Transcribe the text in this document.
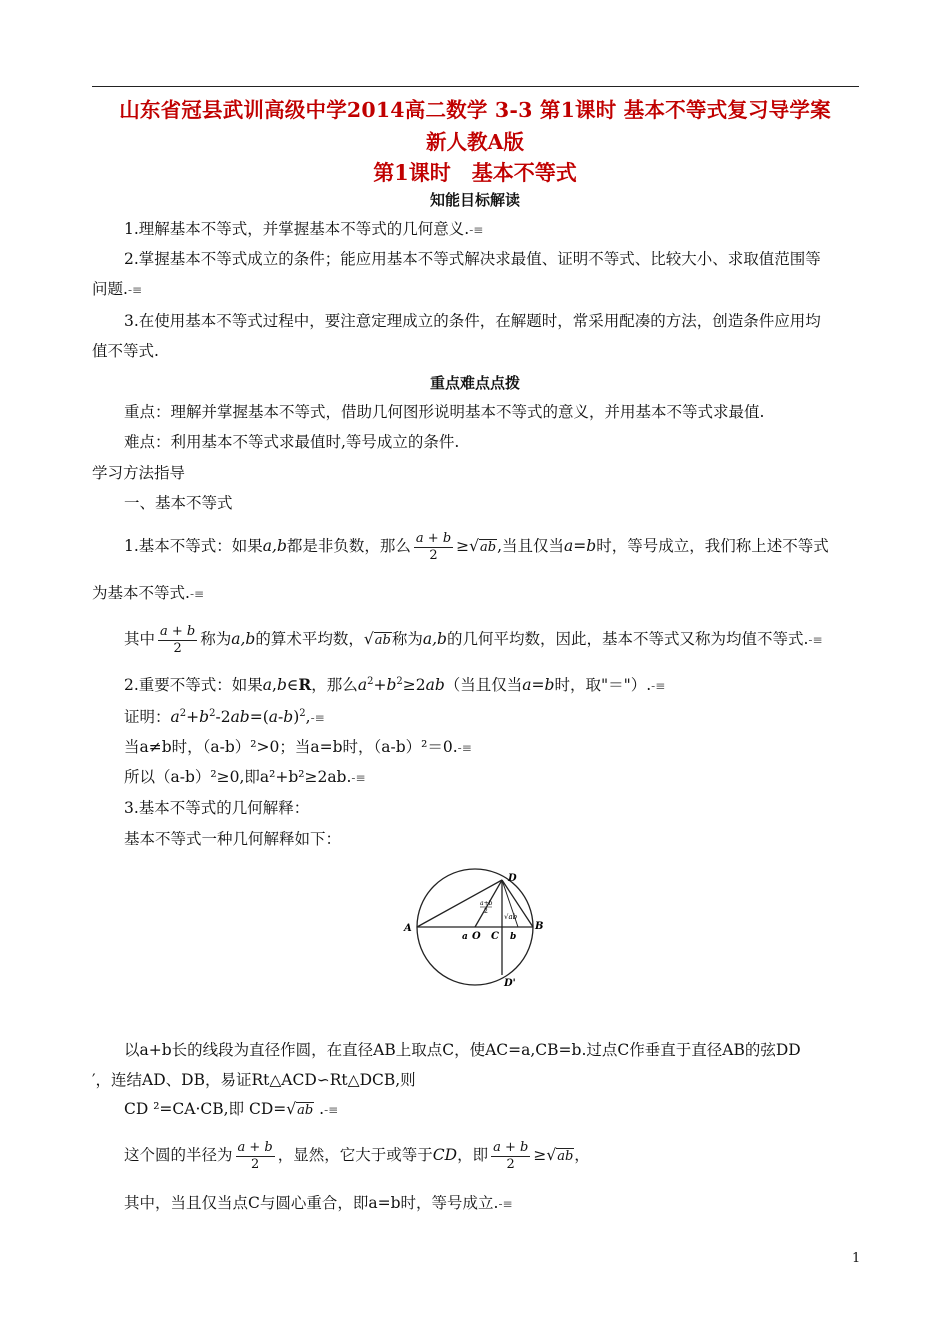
山东省冠县武训高级中学2014高二数学 3-3 第1课时 基本不等式复习导学案
新人教A版
第1课时　基本不等式
知能目标解读
1.理解基本不等式，并掌握基本不等式的几何意义.-≡
2.掌握基本不等式成立的条件；能应用基本不等式解决求最值、证明不等式、比较大小、求取值范围等
问题.-≡
3.在使用基本不等式过程中，要注意定理成立的条件，在解题时，常采用配凑的方法，创造条件应用均
值不等式.
重点难点点拨
重点：理解并掌握基本不等式，借助几何图形说明基本不等式的意义，并用基本不等式求最值.
难点：利用基本不等式求最值时,等号成立的条件.
学习方法指导
一、基本不等式
1.基本不等式：如果a,b都是非负数，那么 $\frac{a + b}{2} \ge√ab$,当且仅当a=b时，等号成立，我们称上述不等式
为基本不等式.-≡
其中 $\frac{a + b}{2}$ 称为a,b的算术平均数，√ab称为a,b的几何平均数，因此，基本不等式又称为均值不等式.-≡
2.重要不等式：如果a,b∈R，那么$a^2+b^2\ge 2ab$（当且仅当a=b时，取"＝"）.-≡
证明：$a^2+b^2-2ab=(a-b)^2,-\equiv$
当a≠b时，（a-b）²>0；当a=b时，（a-b）²＝0.-≡
所以（a-b）²≥0,即a²+b²≥2ab.-≡
3.基本不等式的几何解释：
基本不等式一种几何解释如下：
A	B
D
D'
O
a C b
a+b
2
√ab
以a+b长的线段为直径作圆，在直径AB上取点C，使AC=a,CB=b.过点C作垂直于直径AB的弦DD
′，连结AD、DB，易证Rt△ACD∽Rt△DCB,则
CD ²=CA·CB,即 CD=√ab .-≡
这个圆的半径为 $\frac{a + b}{2}$ ，显然，它大于或等于CD，即 $\frac{a + b}{2} \ge√ab$，
其中，当且仅当点C与圆心重合，即a=b时，等号成立.-≡
1
